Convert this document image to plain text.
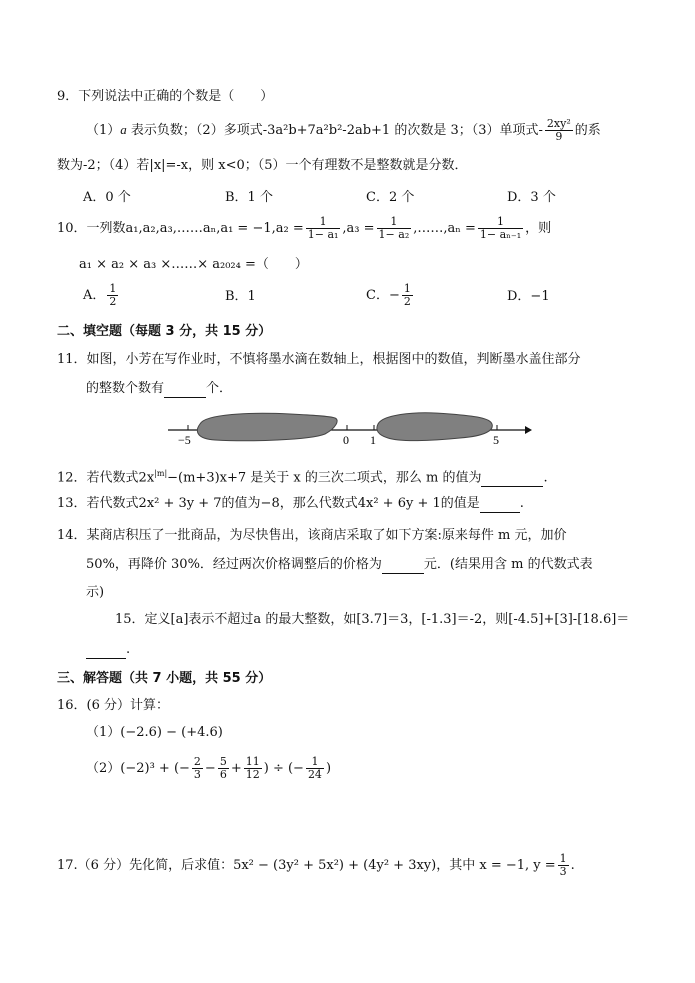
9．下列说法中正确的个数是（　　）
（1）a 表示负数；（2）多项式-3a²b+7a²b²-2ab+1 的次数是 3；（3）单项式- $\frac{\text{2xy²}}{9}$ 的系
数为-2；（4）若|x|=-x，则 x<0；（5）一个有理数不是整数就是分数．
A．0 个	B．1 个	C．2 个	D．3 个
10．一列数a₁,a₂,a₃,……aₙ,a₁ = $-1,a_2 = \frac{1}{\text{1− a₁}} ,a_3 = \frac{1}{\text{1− a₂}}$ ,……,aₙ = $\frac{1}{\text{1− aₙ₋₁}}$ ，则
a₁ × a₂ × a₃ ×……× a₂₀₂₄ =（　　）
A． $\frac{1}{2}$	B．1	C．− $\frac{1}{2}$	D．−1
二、填空题（每题 3 分，共 15 分）
11．如图，小芳在写作业时，不慎将墨水滴在数轴上，根据图中的数值，判断墨水盖住部分
的整数个数有	个．
−5	0 1	5
12．若代数式$2x^{|m|}-(m+3)x+7$ 是关于 x 的三次二项式，那么 m 的值为	.
13．若代数式2x² + 3y + 7的值为−8，那么代数式4x² + 6y + 1的值是	.
14．某商店积压了一批商品，为尽快售出，该商店采取了如下方案:原来每件 m 元，加价
50%，再降价 30%．经过两次价格调整后的价格为	元．(结果用含 m 的代数式表
示)
15．定义[a]表示不超过a 的最大整数，如[3.7]＝3，[-1.3]＝-2，则[-4.5]+[3]-[18.6]＝
.
三、解答题（共 7 小题，共 55 分）
16．(6 分）计算：
（1）(−2.6) − (+4.6)
（2）(−2)³ + (− $\frac{2}{3} - \frac{5}{6} + \frac{11}{12}$ ) ÷ (− $\frac{1}{24}$ )
17.（6 分）先化简，后求值：5x² − (3y² + 5x²) + (4y² + 3xy)，其中 x = −1, $y = \frac{1}{3}$ .
